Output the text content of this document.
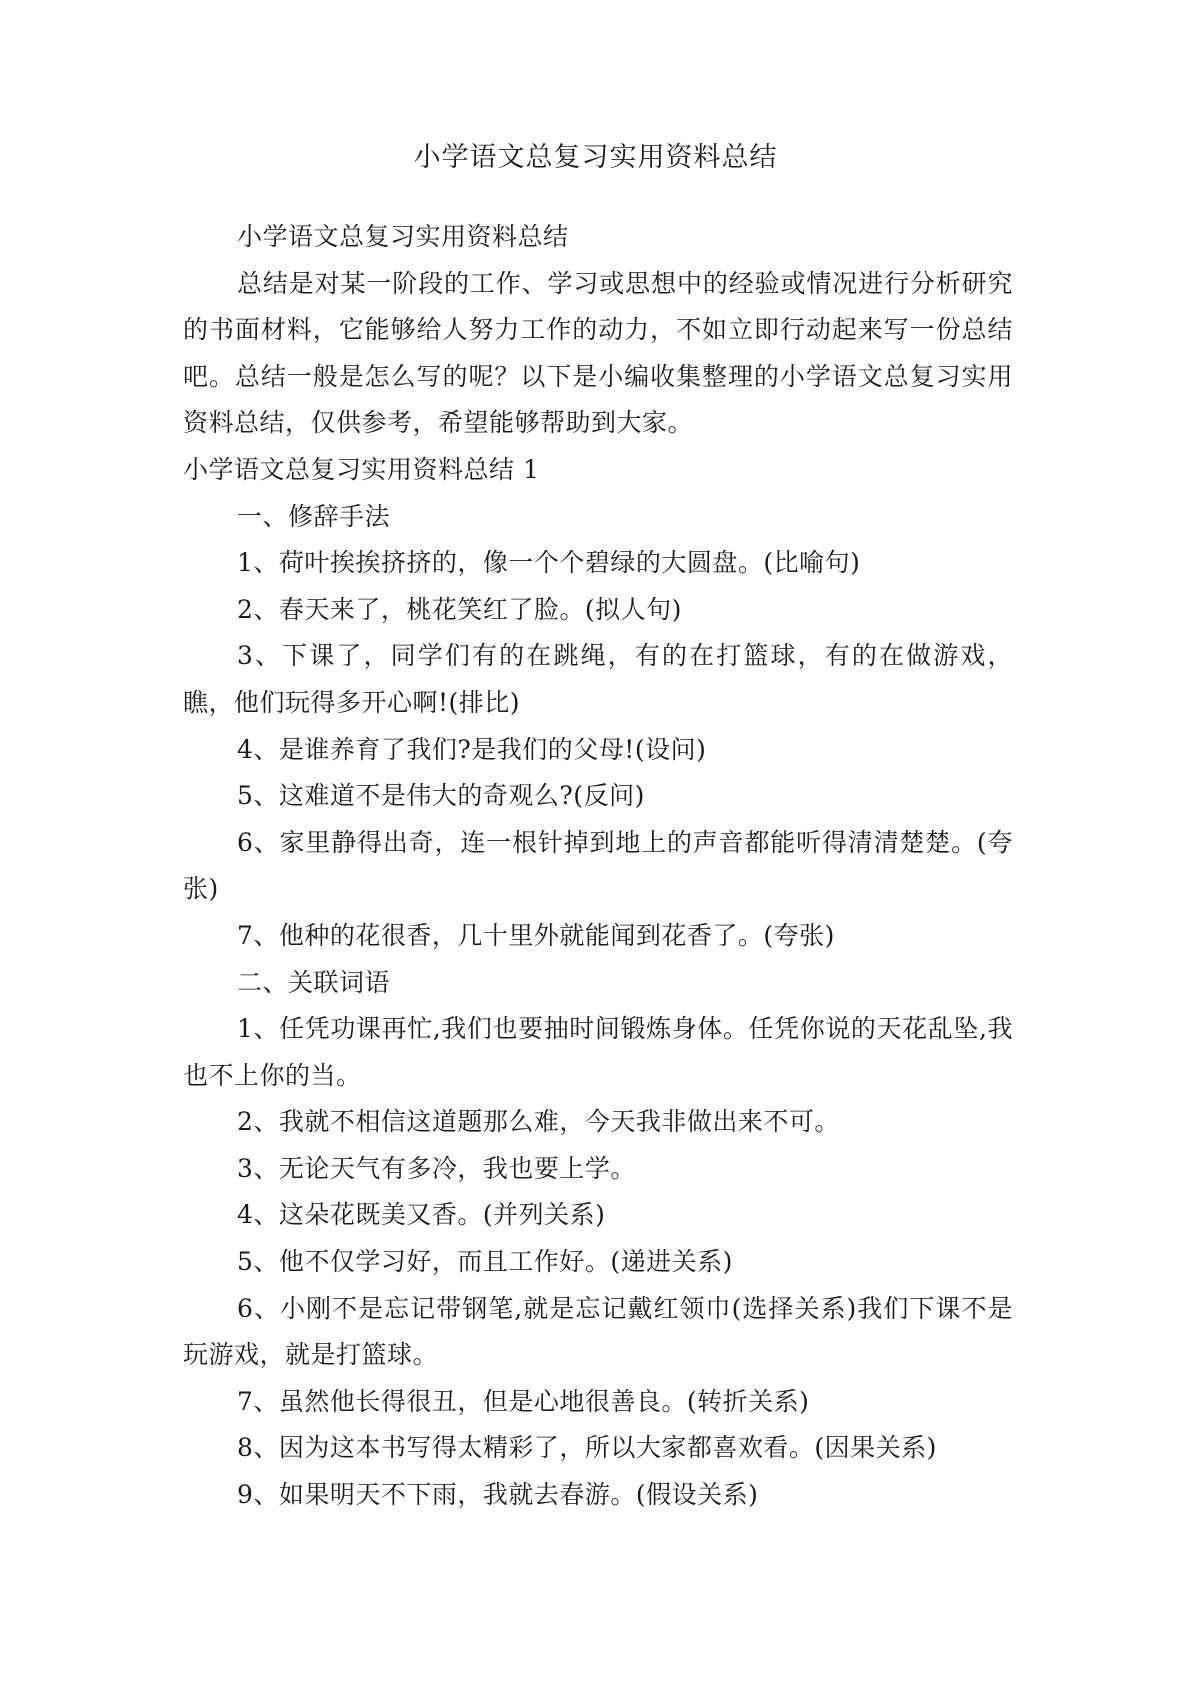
小学语文总复习实用资料总结

小学语文总复习实用资料总结

总结是对某一阶段的工作、学习或思想中的经验或情况进行分析研究的书面材料，它能够给人努力工作的动力，不如立即行动起来写一份总结吧。总结一般是怎么写的呢？以下是小编收集整理的小学语文总复习实用资料总结，仅供参考，希望能够帮助到大家。

小学语文总复习实用资料总结 1

一、修辞手法

1、荷叶挨挨挤挤的，像一个个碧绿的大圆盘。(比喻句)

2、春天来了，桃花笑红了脸。(拟人句)

3、下课了，同学们有的在跳绳，有的在打篮球，有的在做游戏，瞧，他们玩得多开心啊!(排比)

4、是谁养育了我们?是我们的父母!(设问)

5、这难道不是伟大的奇观么?(反问)

6、家里静得出奇，连一根针掉到地上的声音都能听得清清楚楚。(夸张)

7、他种的花很香，几十里外就能闻到花香了。(夸张)

二、关联词语

1、任凭功课再忙,我们也要抽时间锻炼身体。任凭你说的天花乱坠,我也不上你的当。

2、我就不相信这道题那么难，今天我非做出来不可。

3、无论天气有多冷，我也要上学。

4、这朵花既美又香。(并列关系)

5、他不仅学习好，而且工作好。(递进关系)

6、小刚不是忘记带钢笔,就是忘记戴红领巾(选择关系)我们下课不是玩游戏，就是打篮球。

7、虽然他长得很丑，但是心地很善良。(转折关系)

8、因为这本书写得太精彩了，所以大家都喜欢看。(因果关系)

9、如果明天不下雨，我就去春游。(假设关系)
